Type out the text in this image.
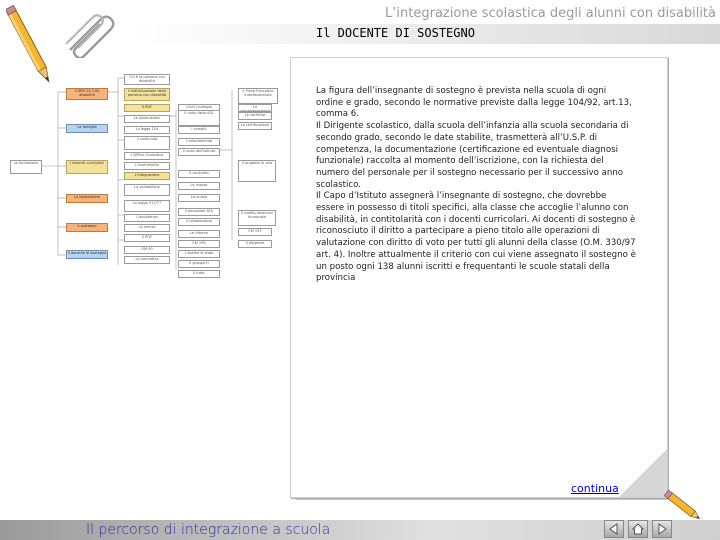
L’integrazione scolastica degli alunni con disabilità
Il DOCENTE DI SOSTEGNO
Chi è la persona con disabilità
Il DPR 24.2.94 disabilità
L'individuazione della persona con disabilità
Il Piano Educativo Individualizzato
Il PDF	I GLH (collegio)	La documentazione
La famiglia
Le Associazioni
Il ruolo della ASL	Le verifiche
La legge 104	I compiti
La certificazione
Il continuità	L'orientamento
L'Ufficio Scolastico
Il ruolo dell'Istituto
Il progetto di vita
La formazione	L'inserimento
L'integrazione
I docenti curricolari
Il contratto
La legislazione
La valutazione	Le risorse
La legge 517/77
La scuola
Il sostegno
Il personale ATA
L'assistenza
Il collaboratore
La mensa
Il profilo dinamico funzionale
Il POF
Il docente di sostegno
Le riforme
CM 199
CM 153
OM 90
L'esame di stato
La normativa
Il gruppo H
Il tutor
Il dirigente
La figura dell’insegnante di sostegno è prevista nella scuola di ogni ordine e grado, secondo le normative previste dalla legge 104/92, art.13, comma 6.
Il Dirigente scolastico, dalla scuola dell’infanzia alla scuola secondaria di secondo grado, secondo le date stabilite, trasmetterà all’U.S.P. di competenza, la documentazione (certificazione ed eventuale diagnosi funzionale) raccolta al momento dell’iscrizione, con la richiesta del numero del personale per il sostegno necessario per il successivo anno scolastico.
Il Capo d’Istituto assegnerà l’insegnante di sostegno, che dovrebbe essere in possesso di titoli specifici, alla classe che accoglie l’alunno con disabilità, in contitolarità con i docenti curricolari. Ai docenti di sostegno è riconosciuto il diritto a partecipare a pieno titolo alle operazioni di valutazione con diritto di voto per tutti gli alunni della classe (O.M. 330/97 art. 4). Inoltre attualmente il criterio con cui viene assegnato il sostegno è un posto ogni 138 alunni iscritti e frequentanti le scuole statali della provincia
continua
Il percorso di integrazione a scuola
